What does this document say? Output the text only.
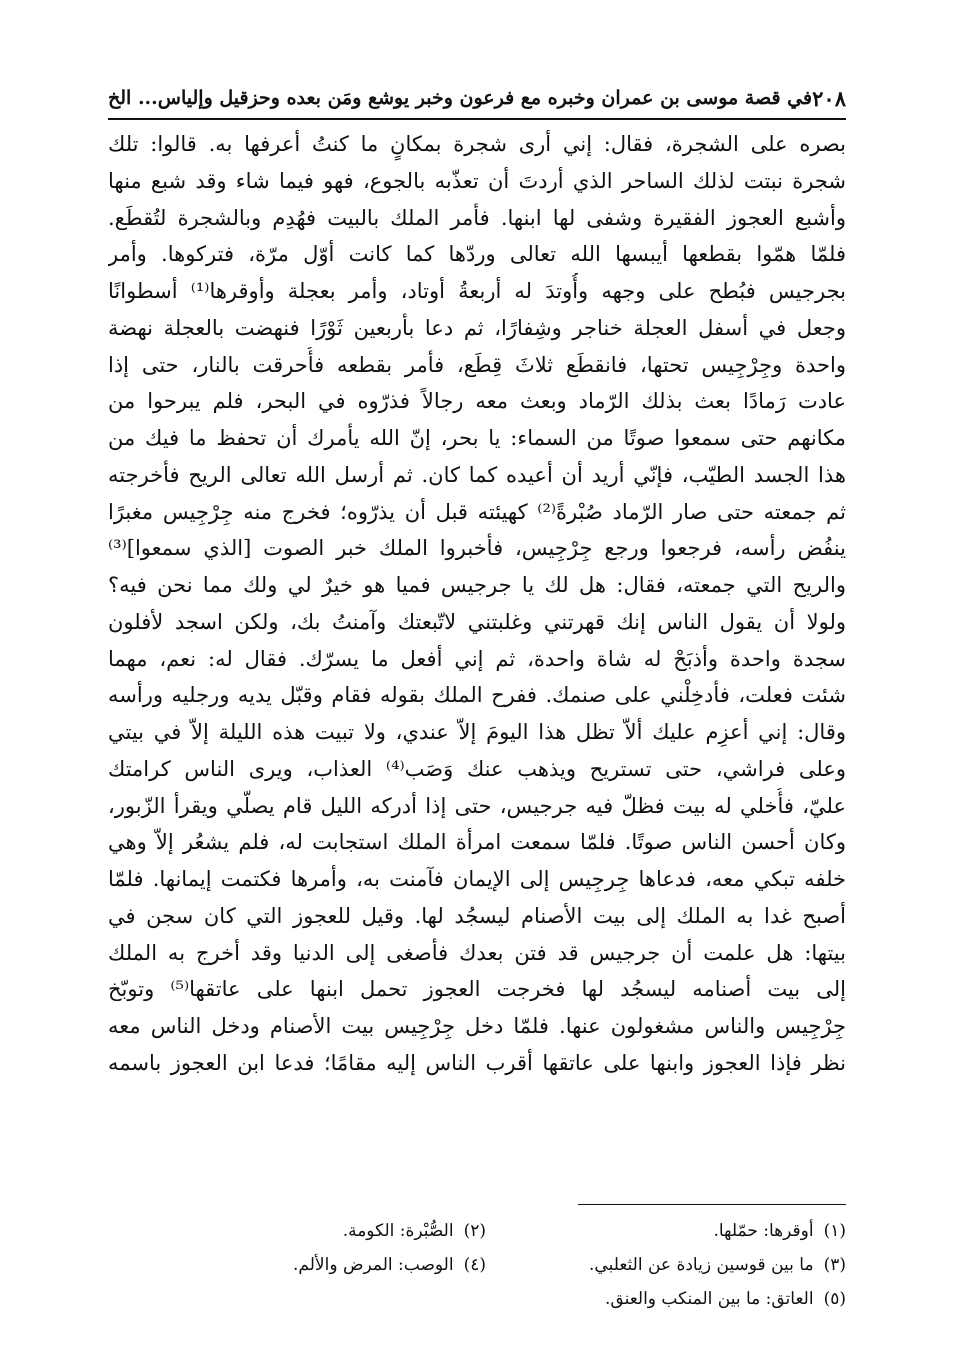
٢٠٨
في قصة موسى بن عمران وخبره مع فرعون وخبر يوشع ومَن بعده وحزقيل وإلياس... الخ
بصره على الشجرة، فقال: إني أرى شجرة بمكانٍ ما كنتُ أعرفها به. قالوا: تلك
شجرة نبتت لذلك الساحر الذي أردتَ أن تعذّبه بالجوع، فهو فيما شاء وقد شبع منها
وأشبع العجوز الفقيرة وشفى لها ابنها. فأمر الملك بالبيت فهُدِم وبالشجرة لتُقطَع.
فلمّا همّوا بقطعها أيبسها الله تعالى وردّها كما كانت أوّل مرّة، فتركوها. وأمر
بجرجيس فبُطح على وجهه وأُوتدَ له أربعةُ أوتاد، وأمر بعجلة وأوقرها⁽¹⁾ أسطوانًا
وجعل في أسفل العجلة خناجر وشِفارًا، ثم دعا بأربعين ثَوْرًا فنهضت بالعجلة نهضة
واحدة وجِرْجِيس تحتها، فانقطَع ثلاثَ قِطَع، فأمر بقطعه فأُحرقت بالنار، حتى إذا
عادت رَمادًا بعث بذلك الرّماد وبعث معه رجالاً فذرّوه في البحر، فلم يبرحوا من
مكانهم حتى سمعوا صوتًا من السماء: يا بحر، إنّ الله يأمرك أن تحفظ ما فيك من
هذا الجسد الطيّب، فإنّي أريد أن أعيده كما كان. ثم أرسل الله تعالى الريح فأخرجته
ثم جمعته حتى صار الرّماد صُبْرةً⁽²⁾ كهيئته قبل أن يذرّوه؛ فخرج منه جِرْجِيس مغبرًا
ينفُض رأسه، فرجعوا ورجع جِرْجِيس، فأخبروا الملك خبر الصوت [الذي سمعوا]⁽³⁾
والريح التي جمعته، فقال: هل لك يا جرجيس فميا هو خيرٌ لي ولك مما نحن فيه؟
ولولا أن يقول الناس إنك قهرتني وغلبتني لاتّبعتك وآمنتُ بك، ولكن اسجد لأفلون
سجدة واحدة وأذبَحْ له شاة واحدة، ثم إني أفعل ما يسرّك. فقال له: نعم، مهما
شئت فعلت، فأدخِلْني على صنمك. ففرح الملك بقوله فقام وقبّل يديه ورجليه ورأسه
وقال: إني أعزِم عليك ألاّ تظل هذا اليومَ إلاّ عندي، ولا تبيت هذه الليلة إلاّ في بيتي
وعلى فراشي، حتى تستريح ويذهب عنك وَصَب⁽⁴⁾ العذاب، ويرى الناس كرامتك
عليّ، فأُخلي له بيت فظلّ فيه جرجيس، حتى إذا أدركه الليل قام يصلّي ويقرأ الزّبور،
وكان أحسن الناس صوتًا. فلمّا سمعت امرأة الملك استجابت له، فلم يشعُر إلاّ وهي
خلفه تبكي معه، فدعاها جِرجِيس إلى الإيمان فآمنت به، وأمرها فكتمت إيمانها. فلمّا
أصبح غدا به الملك إلى بيت الأصنام ليسجُد لها. وقيل للعجوز التي كان سجن في
بيتها: هل علمت أن جرجيس قد فتن بعدك فأصغى إلى الدنيا وقد أخرج به الملك
إلى بيت أصنامه ليسجُد لها فخرجت العجوز تحمل ابنها على عاتقها⁽⁵⁾ وتوبّخ
جِرْجِيس والناس مشغولون عنها. فلمّا دخل جِرْجِيس بيت الأصنام ودخل الناس معه
نظر فإذا العجوز وابنها على عاتقها أقرب الناس إليه مقامًا؛ فدعا ابن العجوز باسمه
(١)أوقرها: حمّلها.
(٢)الصُّبْرة: الكومة.
(٣)ما بين قوسين زيادة عن الثعلبي.
(٤)الوصب: المرض والألم.
(٥)العاتق: ما بين المنكب والعنق.
